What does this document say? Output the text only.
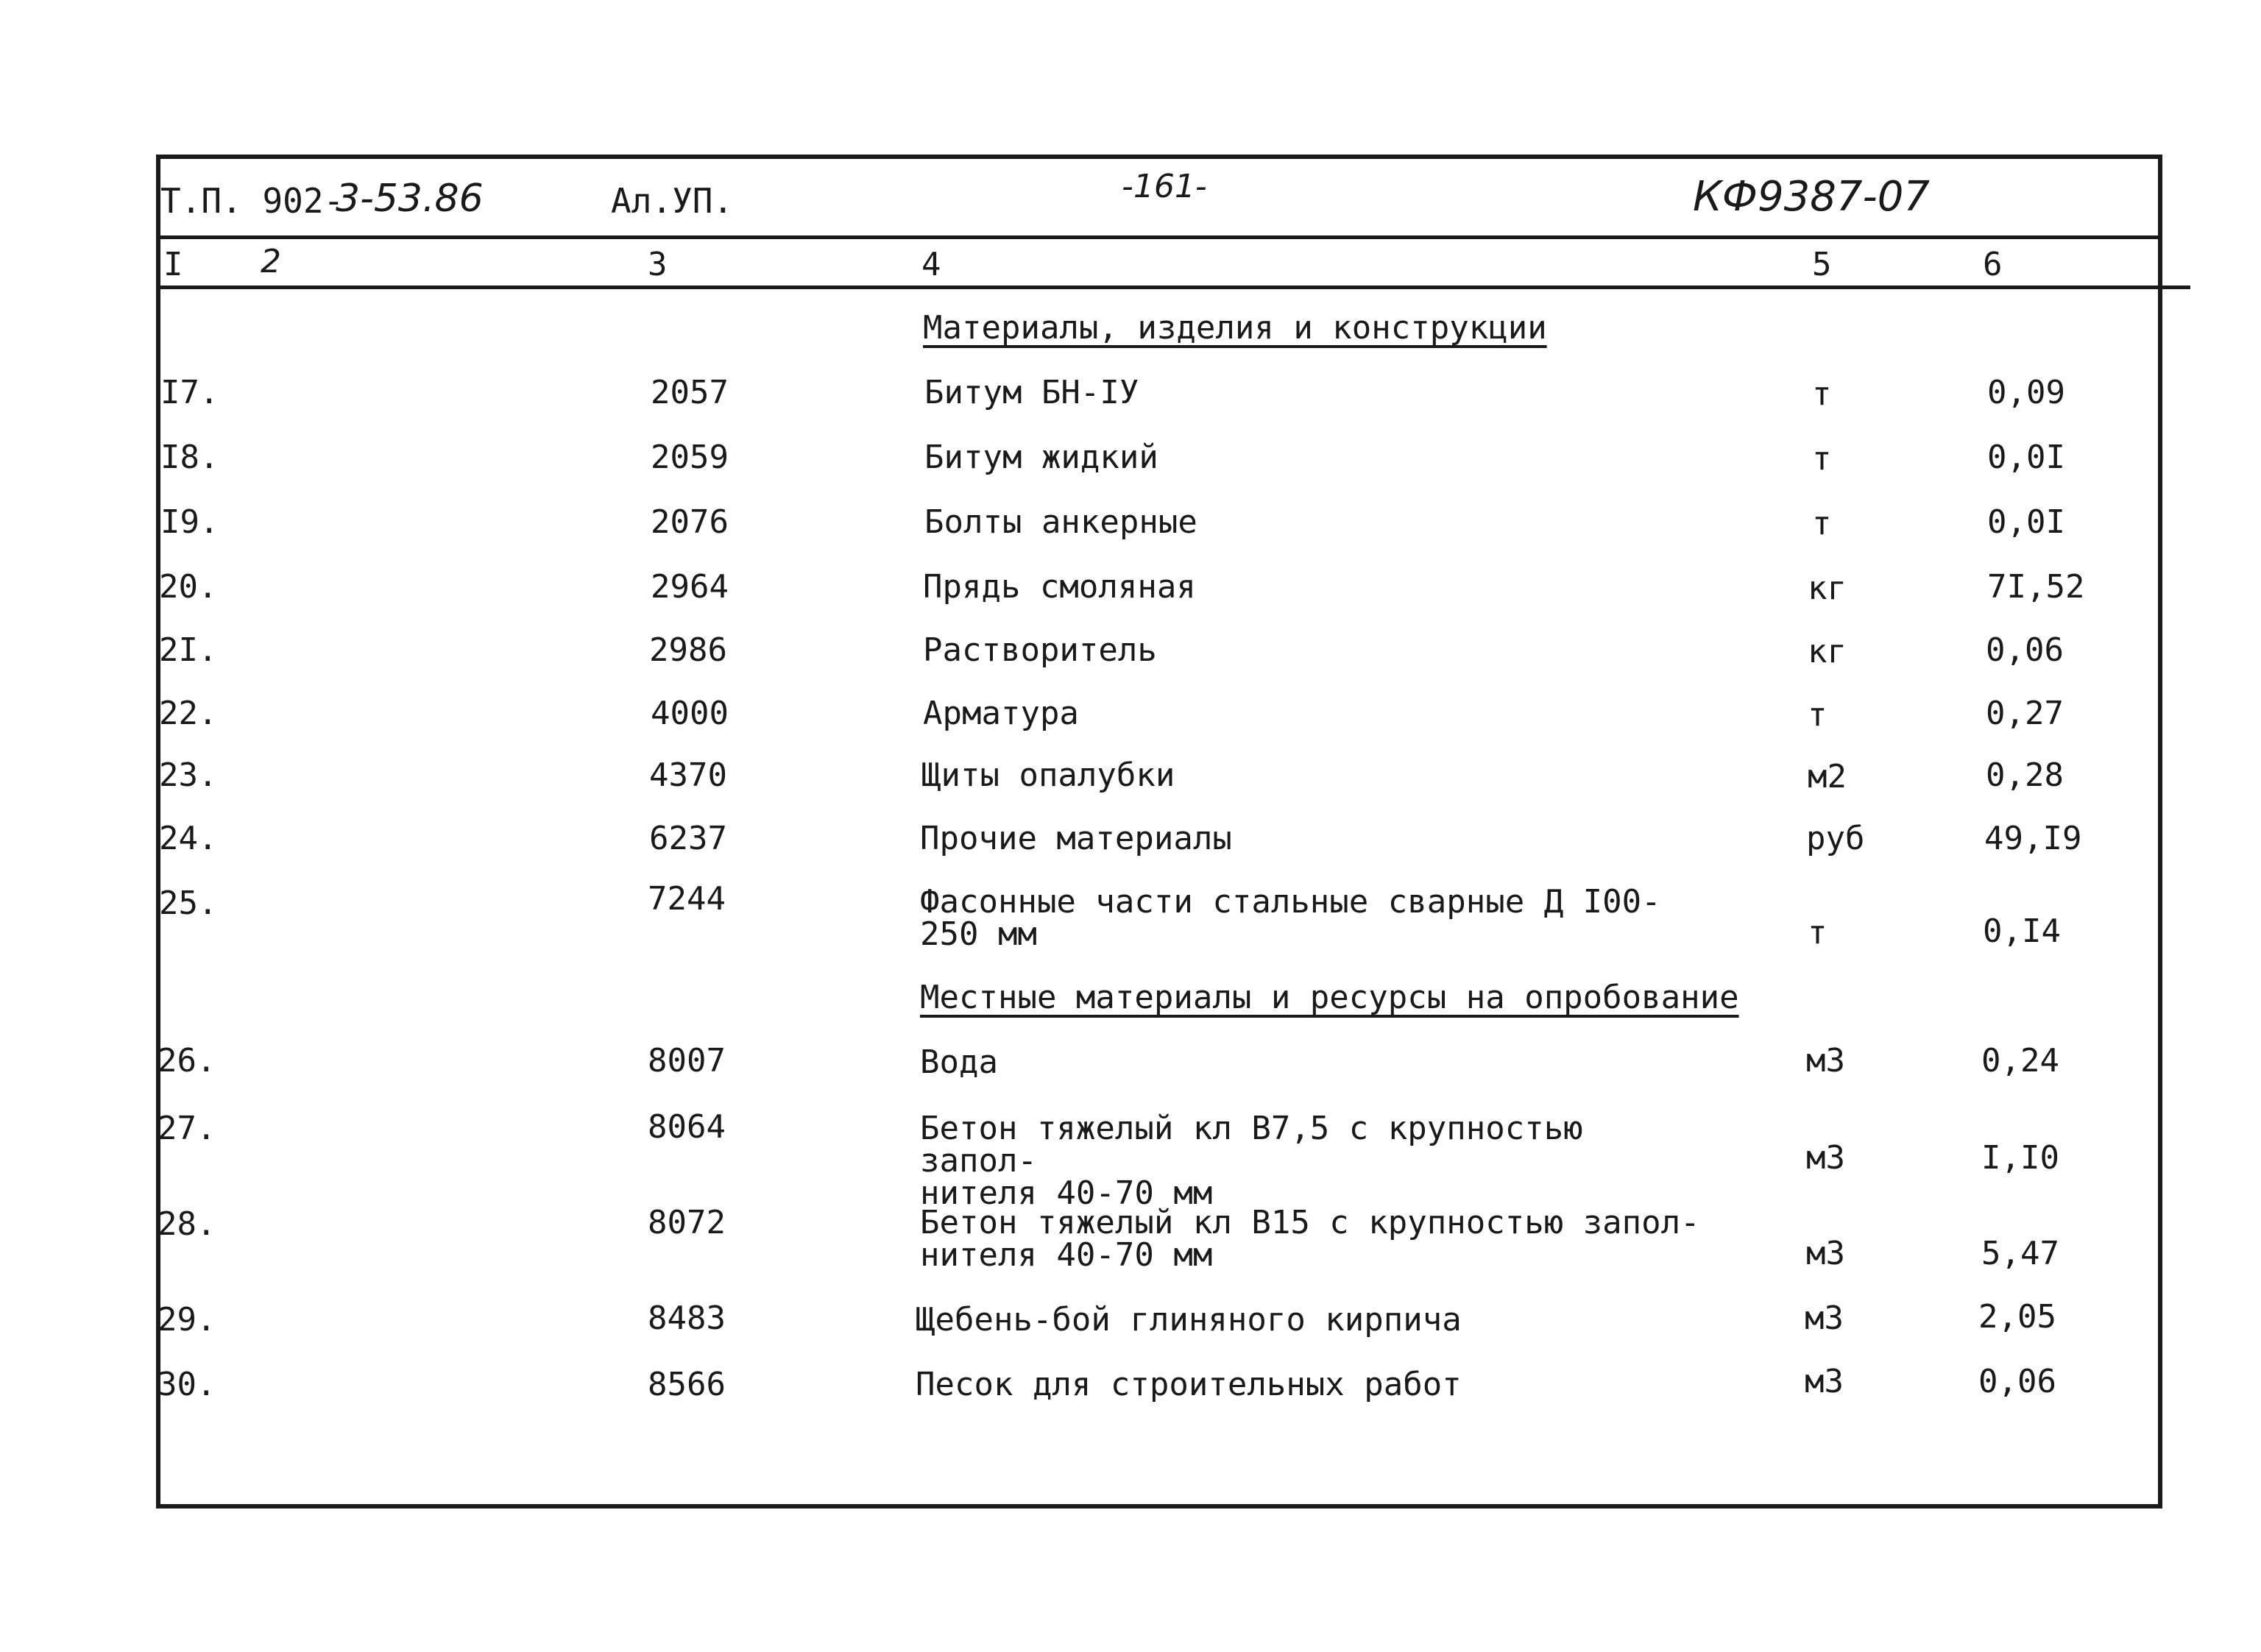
Т.П. 902-
3-53.86	Ал.УП.	-161-	КФ9387-07
I 2	3	4	5	6
Материалы, изделия и конструкции
I7.	2057	Битум БН-IУ	т	0,09
I8.	2059	Битум жидкий	т	0,0I
I9.	2076	Болты анкерные	т	0,0I
20.	2964	Прядь смоляная	кг	7I,52
2I.	2986	Растворитель	кг	0,06
22.	4000	Арматура	т	0,27
23.	4370	Щиты опалубки	м2	0,28
24.	6237	Прочие материалы	руб	49,I9
25.	7244	Фасонные части стальные сварные Д I00-
250 мм	т	0,I4
Местные материалы и ресурсы на опробование
26.	8007	Вода	м3	0,24
27.	8064	Бетон тяжелый кл В7,5 с крупностью запол-
нителя 40-70 мм
м3	I,I0
28.	8072	Бетон тяжелый кл В15 с крупностью запол-
нителя 40-70 мм	м3	5,47
29.	8483	Щебень-бой глиняного кирпича	м3	2,05
30.	8566	Песок для строительных работ	м3	0,06
